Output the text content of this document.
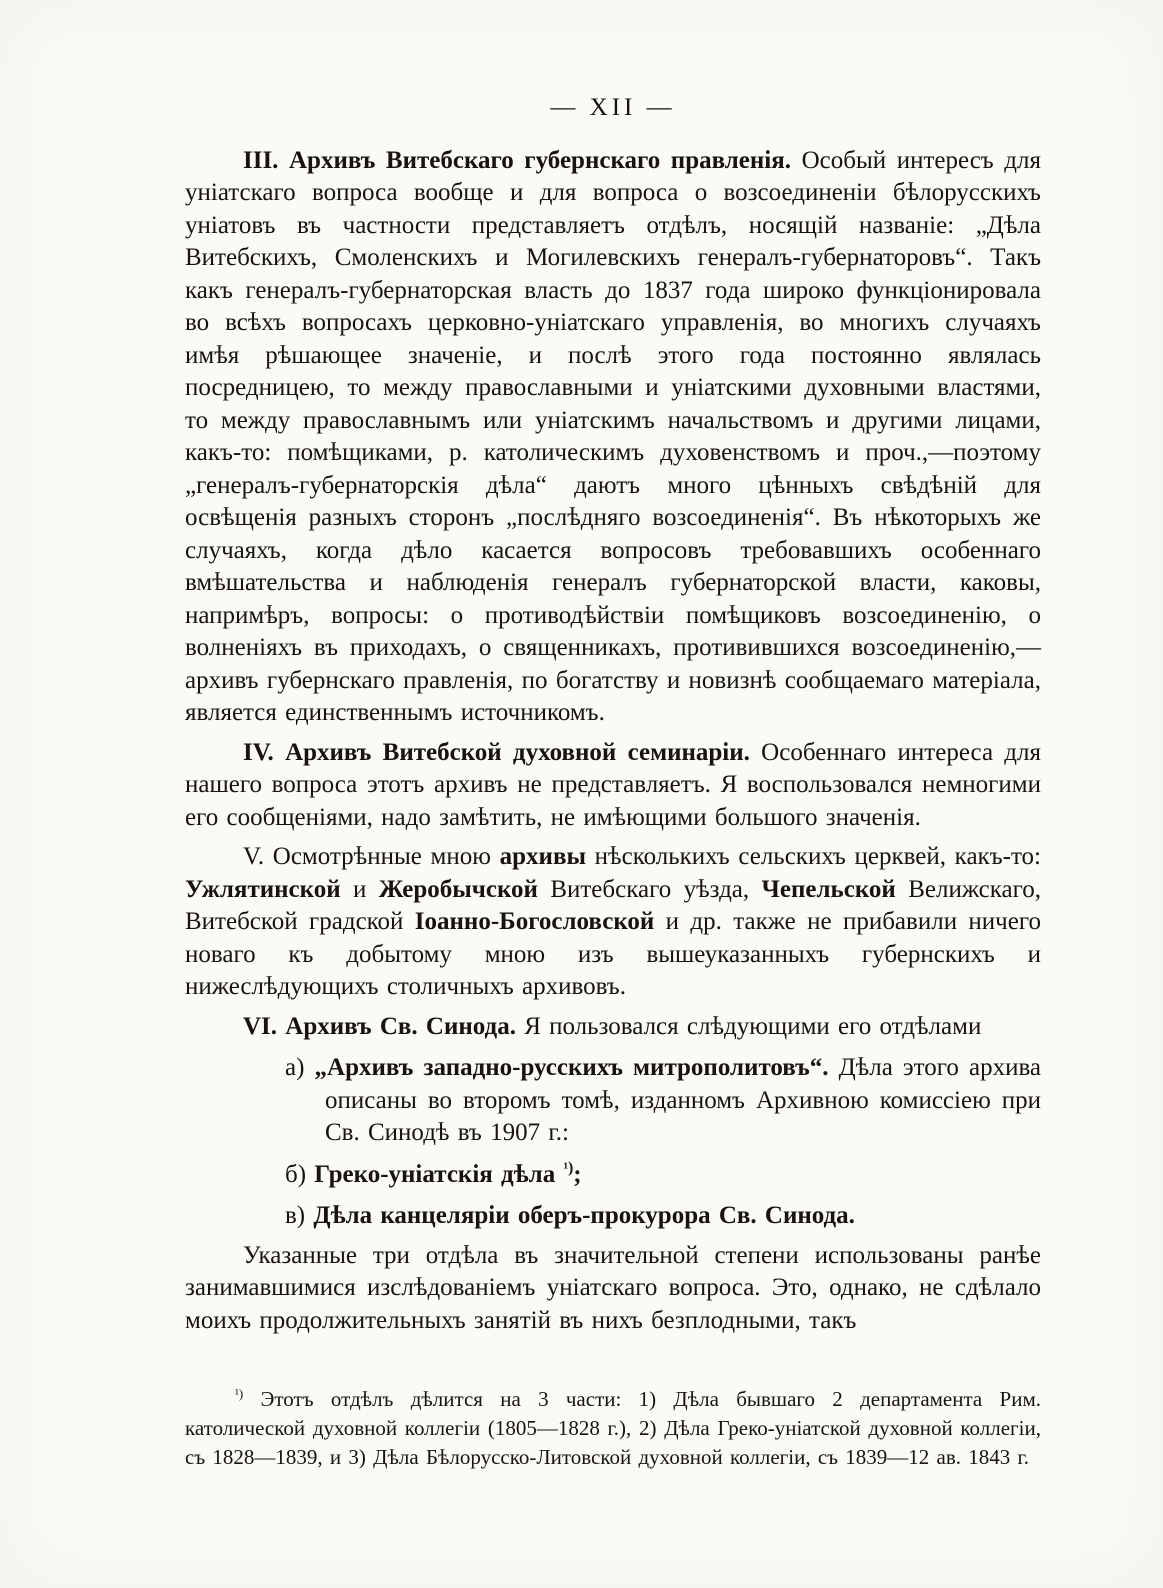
— XII —

III. Архивъ Витебскаго губернскаго правленія. Особый интересъ для уніатскаго вопроса вообще и для вопроса о возсоединеніи бѣлорусскихъ уніатовъ въ частности представляетъ отдѣлъ, носящій названіе: „Дѣла Витебскихъ, Смоленскихъ и Могилевскихъ генералъ-губернаторовъ“. Такъ какъ генералъ-губернаторская власть до 1837 года широко функціонировала во всѣхъ вопросахъ церковно-уніатскаго управленія, во многихъ случаяхъ имѣя рѣшающее значеніе, и послѣ этого года постоянно являлась посредницею, то между православными и уніатскими духовными властями, то между православнымъ или уніатскимъ начальствомъ и другими лицами, какъ-то: помѣщиками, р. католическимъ духовенствомъ и проч.,—поэтому „генералъ-губернаторскія дѣла“ даютъ много цѣнныхъ свѣдѣній для освѣщенія разныхъ сторонъ „послѣдняго возсоединенія“. Въ нѣкоторыхъ же случаяхъ, когда дѣло касается вопросовъ требовавшихъ особеннаго вмѣшательства и наблюденія генералъ губернаторской власти, каковы, напримѣръ, вопросы: о противодѣйствіи помѣщиковъ возсоединенію, о волненіяхъ въ приходахъ, о священникахъ, противившихся возсоединенію,—архивъ губернскаго правленія, по богатству и новизнѣ сообщаемаго матеріала, является единственнымъ источникомъ.

IV. Архивъ Витебской духовной семинаріи. Особеннаго интереса для нашего вопроса этотъ архивъ не представляетъ. Я воспользовался немногими его сообщеніями, надо замѣтить, не имѣющими большого значенія.

V. Осмотрѣнные мною архивы нѣсколькихъ сельскихъ церквей, какъ-то: Ужлятинской и Жеробычской Витебскаго уѣзда, Чепельской Велижскаго, Витебской градской Іоанно-Богословской и др. также не прибавили ничего новаго къ добытому мною изъ вышеуказанныхъ губернскихъ и нижеслѣдующихъ столичныхъ архивовъ.

VI. Архивъ Св. Синода. Я пользовался слѣдующими его отдѣлами

а) „Архивъ западно-русскихъ митрополитовъ“. Дѣла этого архива описаны во второмъ томѣ, изданномъ Архивною комиссіею при Св. Синодѣ въ 1907 г.:

б) Греко-уніатскія дѣла $^{^1)}$;

в) Дѣла канцеляріи оберъ-прокурора Св. Синода.

Указанные три отдѣла въ значительной степени использованы ранѣе занимавшимися изслѣдованіемъ уніатскаго вопроса. Это, однако, не сдѣлало моихъ продолжительныхъ занятій въ нихъ безплодными, такъ

$^{^1)}$ Этотъ отдѣлъ дѣлится на 3 части: 1) Дѣла бывшаго 2 департамента Рим. католической духовной коллегіи (1805—1828 г.), 2) Дѣла Греко-уніатской духовной коллегіи, съ 1828—1839, и 3) Дѣла Бѣлорусско-Литовской духовной коллегіи, съ 1839—12 ав. 1843 г.
